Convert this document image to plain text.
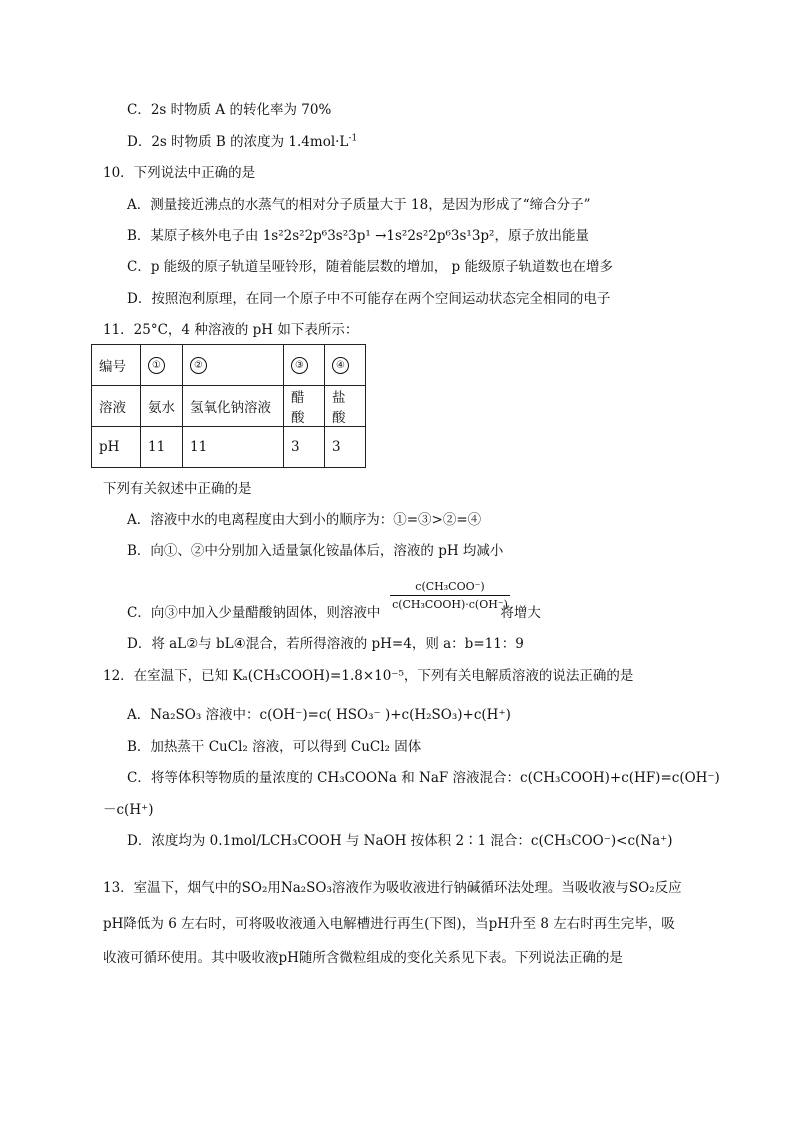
C．2s 时物质 A 的转化率为 70%
D．2s 时物质 B 的浓度为 $1.4mol\cdot L^{-1}$
10．下列说法中正确的是
A．测量接近沸点的水蒸气的相对分子质量大于 18，是因为形成了“缔合分子”
B．某原子核外电子由 1s²2s²2p⁶3s²3p¹ →1s²2s²2p⁶3s¹3p²，原子放出能量
C．p 能级的原子轨道呈哑铃形，随着能层数的增加， p 能级原子轨道数也在增多
D．按照泡利原理，在同一个原子中不可能存在两个空间运动状态完全相同的电子
11．25°C，4 种溶液的 pH 如下表所示：
编号	①	②	③	④
溶液	氨水	氢氧化钠溶液	醋酸	盐酸
pH	11	11	3	3
下列有关叙述中正确的是
A．溶液中水的电离程度由大到小的顺序为：①=③>②=④
B．向①、②中分别加入适量氯化铵晶体后，溶液的 pH 均减小
c(CH₃COO⁻)
c(CH₃COOH)·c(OH⁻)
C．向③中加入少量醋酸钠固体，则溶液中	将增大
D．将 aL②与 bL④混合，若所得溶液的 pH=4，则 a：b=11：9
12．在室温下，已知 Kₐ(CH₃COOH)=1.8×10⁻⁵，下列有关电解质溶液的说法正确的是
A．Na₂SO₃ 溶液中：c(OH⁻)=c( HSO₃⁻ )+c(H₂SO₃)+c(H⁺)
B．加热蒸干 CuCl₂ 溶液，可以得到 CuCl₂ 固体
C．将等体积等物质的量浓度的 CH₃COONa 和 NaF 溶液混合：c(CH₃COOH)+c(HF)=c(OH⁻)
－c(H⁺)
D．浓度均为 0.1mol/LCH₃COOH 与 NaOH 按体积 2∶1 混合：c(CH₃COO⁻)<c(Na⁺)
13．室温下，烟气中的SO₂用Na₂SO₃溶液作为吸收液进行钠碱循环法处理。当吸收液与SO₂反应
pH降低为 6 左右时，可将吸收液通入电解槽进行再生(下图)，当pH升至 8 左右时再生完毕，吸
收液可循环使用。其中吸收液pH随所含微粒组成的变化关系见下表。下列说法正确的是
